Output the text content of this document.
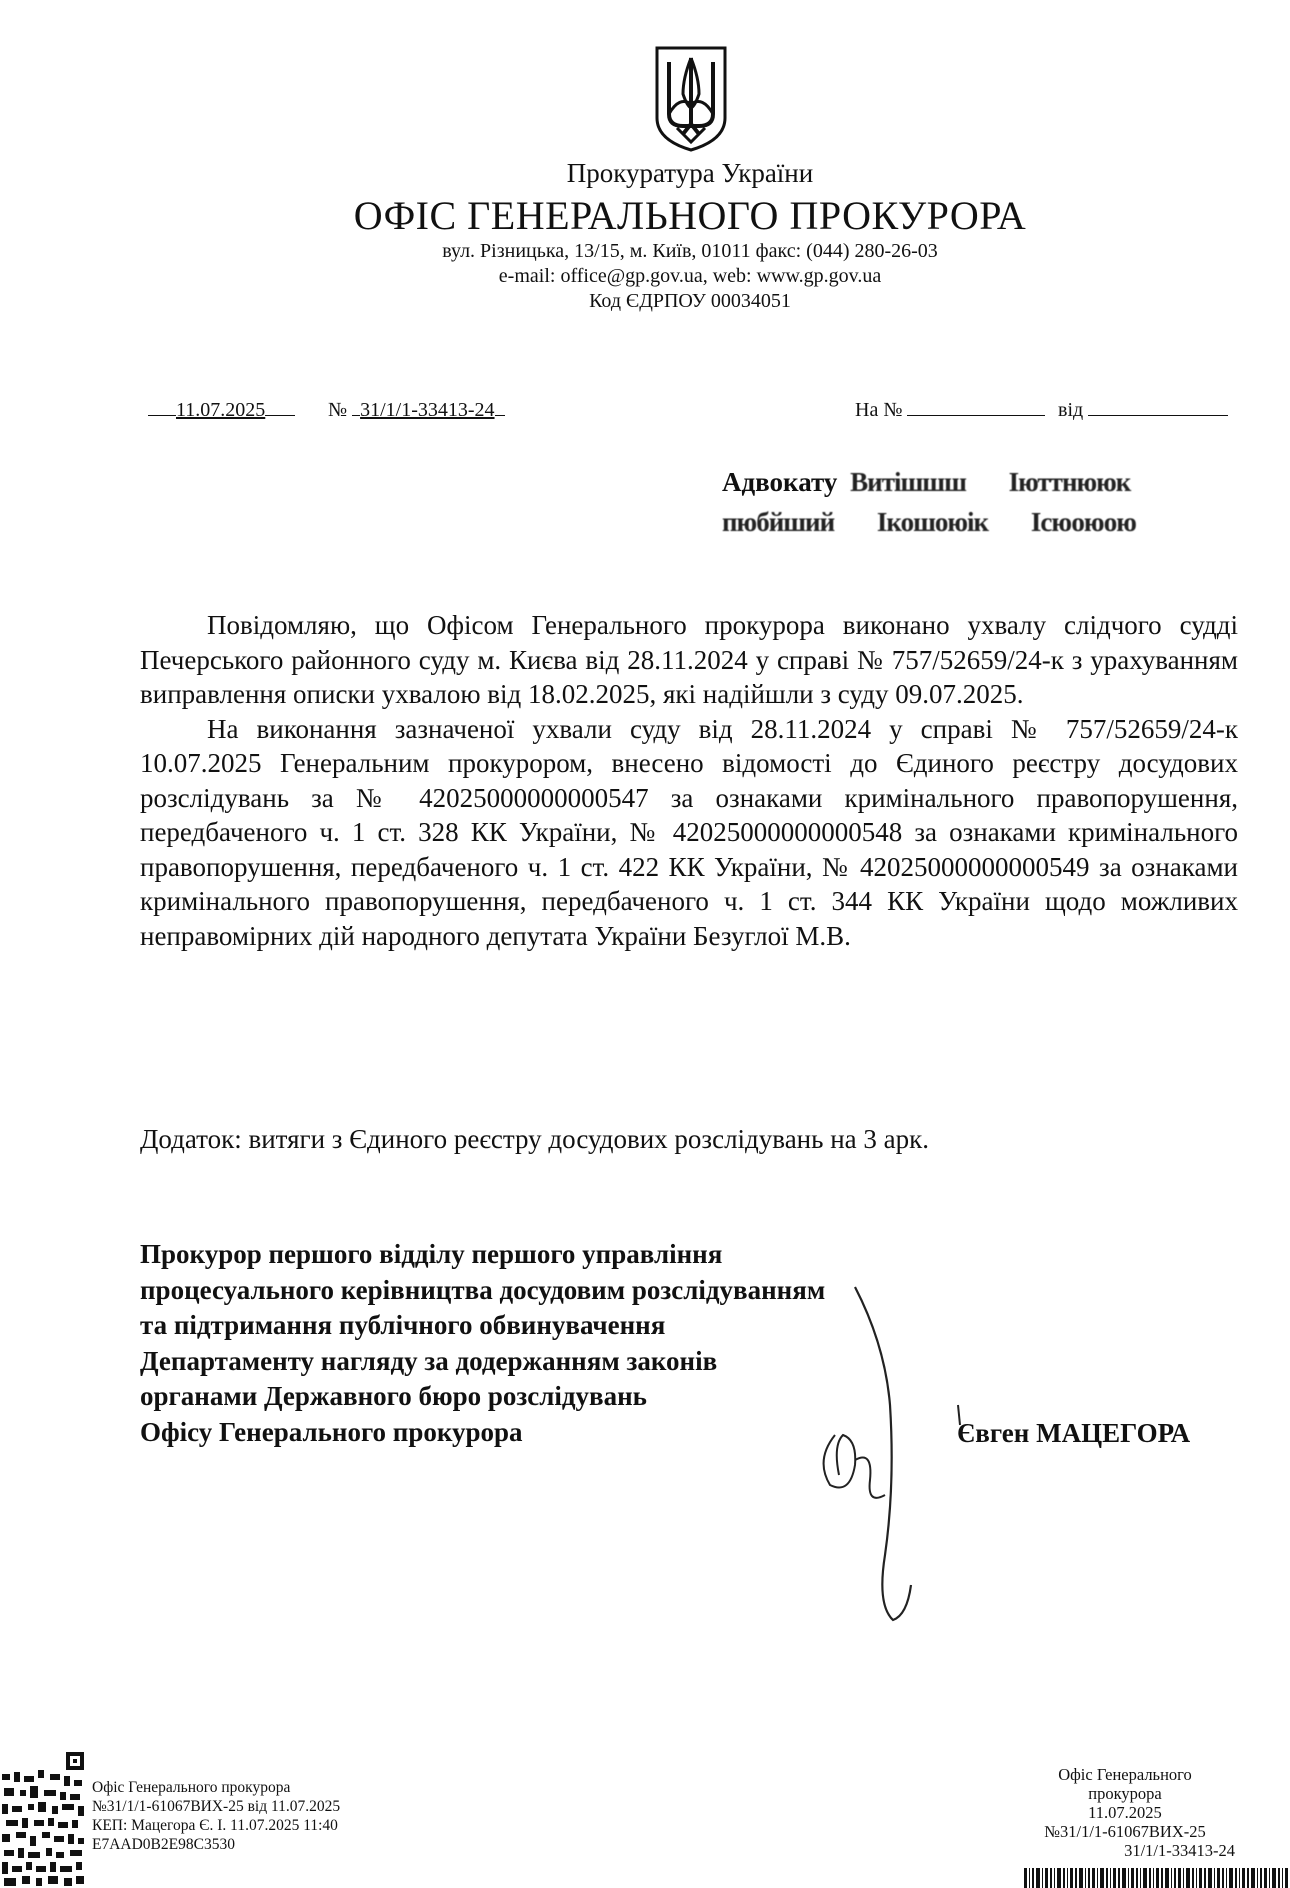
Прокуратура України
ОФІС ГЕНЕРАЛЬНОГО ПРОКУРОРА
вул. Різницька, 13/15, м. Київ, 01011 факс: (044) 280-26-03
e-mail: office@gp.gov.ua, web: www.gp.gov.ua
Код ЄДРПОУ 00034051
11.07.2025	№ 31/1/1-33413-24	На №	від
Адвокату Витiшшш Іюттнююк
пюбйший Ікошоюік Ісюоюою

Повідомляю, що Офісом Генерального прокурора виконано ухвалу слідчого судді Печерського районного суду м. Києва від 28.11.2024 у справі № 757/52659/24-к з урахуванням виправлення описки ухвалою від 18.02.2025, які надійшли з суду 09.07.2025.

На виконання зазначеної ухвали суду від 28.11.2024 у справі № 757/52659/24-к 10.07.2025 Генеральним прокурором, внесено відомості до Єдиного реєстру досудових розслідувань за № 42025000000000547 за ознаками кримінального правопорушення, передбаченого ч. 1 ст. 328 КК України, № 42025000000000548 за ознаками кримінального правопорушення, передбаченого ч. 1 ст. 422 КК України, № 42025000000000549 за ознаками кримінального правопорушення, передбаченого ч. 1 ст. 344 КК України щодо можливих неправомірних дій народного депутата України Безуглої М.В.

Додаток: витяги з Єдиного реєстру досудових розслідувань на 3 арк.
Прокурор першого відділу першого управління
процесуального керівництва досудовим розслідуванням
та підтримання публічного обвинувачення
Департаменту нагляду за додержанням законів
органами Державного бюро розслідувань
Офісу Генерального прокурора	Євген МАЦЕГОРА
Офіс Генерального прокурора
№31/1/1-61067ВИХ-25 від 11.07.2025
КЕП: Мацегора Є. І. 11.07.2025 11:40
E7AAD0B2E98C3530
Офіс Генерального
прокурора
11.07.2025
№31/1/1-61067ВИХ-25
31/1/1-33413-24
